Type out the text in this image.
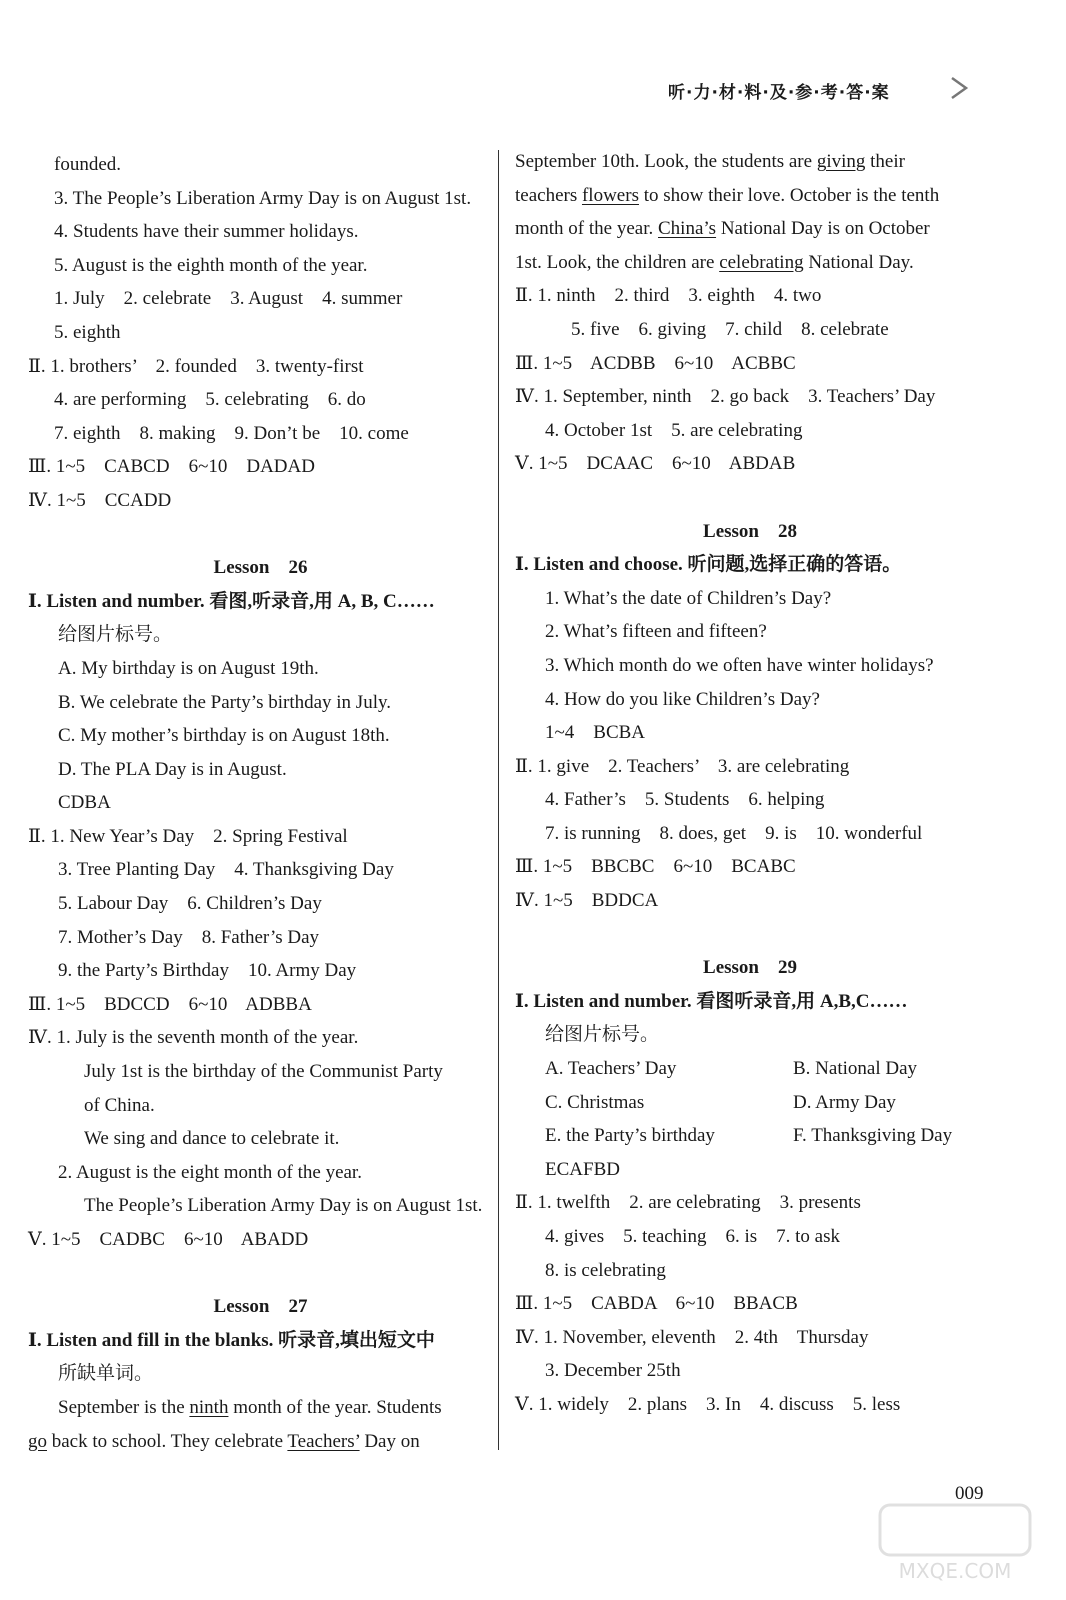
听·力·材·料·及·参·考·答·案
founded.
3. The People’s Liberation Army Day is on August 1st.
4. Students have their summer holidays.
5. August is the eighth month of the year.
1. July    2. celebrate    3. August    4. summer
5. eighth
Ⅱ. 1. brothers’    2. founded    3. twenty-first
4. are performing    5. celebrating    6. do
7. eighth    8. making    9. Don’t be    10. come
Ⅲ. 1~5    CABCD    6~10    DADAD
Ⅳ. 1~5    CCADD
Lesson    26
Ⅰ. Listen and number. 看图,听录音,用 A, B, C……
给图片标号。
A. My birthday is on August 19th.
B. We celebrate the Party’s birthday in July.
C. My mother’s birthday is on August 18th.
D. The PLA Day is in August.
CDBA
Ⅱ. 1. New Year’s Day    2. Spring Festival
3. Tree Planting Day    4. Thanksgiving Day
5. Labour Day    6. Children’s Day
7. Mother’s Day    8. Father’s Day
9. the Party’s Birthday    10. Army Day
Ⅲ. 1~5    BDCCD    6~10    ADBBA
Ⅳ. 1. July is the seventh month of the year.
July 1st is the birthday of the Communist Party
of China.
We sing and dance to celebrate it.
2. August is the eight month of the year.
The People’s Liberation Army Day is on August 1st.
Ⅴ. 1~5    CADBC    6~10    ABADD
Lesson    27
Ⅰ. Listen and fill in the blanks. 听录音,填出短文中
所缺单词。
September is the ninth month of the year. Students
go back to school. They celebrate Teachers’ Day on
September 10th. Look, the students are giving their
teachers flowers to show their love. October is the tenth
month of the year. China’s National Day is on October
1st. Look, the children are celebrating National Day.
Ⅱ. 1. ninth    2. third    3. eighth    4. two
5. five    6. giving    7. child    8. celebrate
Ⅲ. 1~5    ACDBB    6~10    ACBBC
Ⅳ. 1. September, ninth    2. go back    3. Teachers’ Day
4. October 1st    5. are celebrating
Ⅴ. 1~5    DCAAC    6~10    ABDAB
Lesson    28
Ⅰ. Listen and choose. 听问题,选择正确的答语。
1. What’s the date of Children’s Day?
2. What’s fifteen and fifteen?
3. Which month do we often have winter holidays?
4. How do you like Children’s Day?
1~4    BCBA
Ⅱ. 1. give    2. Teachers’    3. are celebrating
4. Father’s    5. Students    6. helping
7. is running    8. does, get    9. is    10. wonderful
Ⅲ. 1~5    BBCBC    6~10    BCABC
Ⅳ. 1~5    BDDCA
Lesson    29
Ⅰ. Listen and number. 看图听录音,用 A,B,C……
给图片标号。
A. Teachers’ Day	B. National Day
C. Christmas	D. Army Day
E. the Party’s birthday	F. Thanksgiving Day
ECAFBD
Ⅱ. 1. twelfth    2. are celebrating    3. presents
4. gives    5. teaching    6. is    7. to ask
8. is celebrating
Ⅲ. 1~5    CABDA    6~10    BBACB
Ⅳ. 1. November, eleventh    2. 4th    Thursday
3. December 25th
Ⅴ. 1. widely    2. plans    3. In    4. discuss    5. less
009
MXQE.COM
